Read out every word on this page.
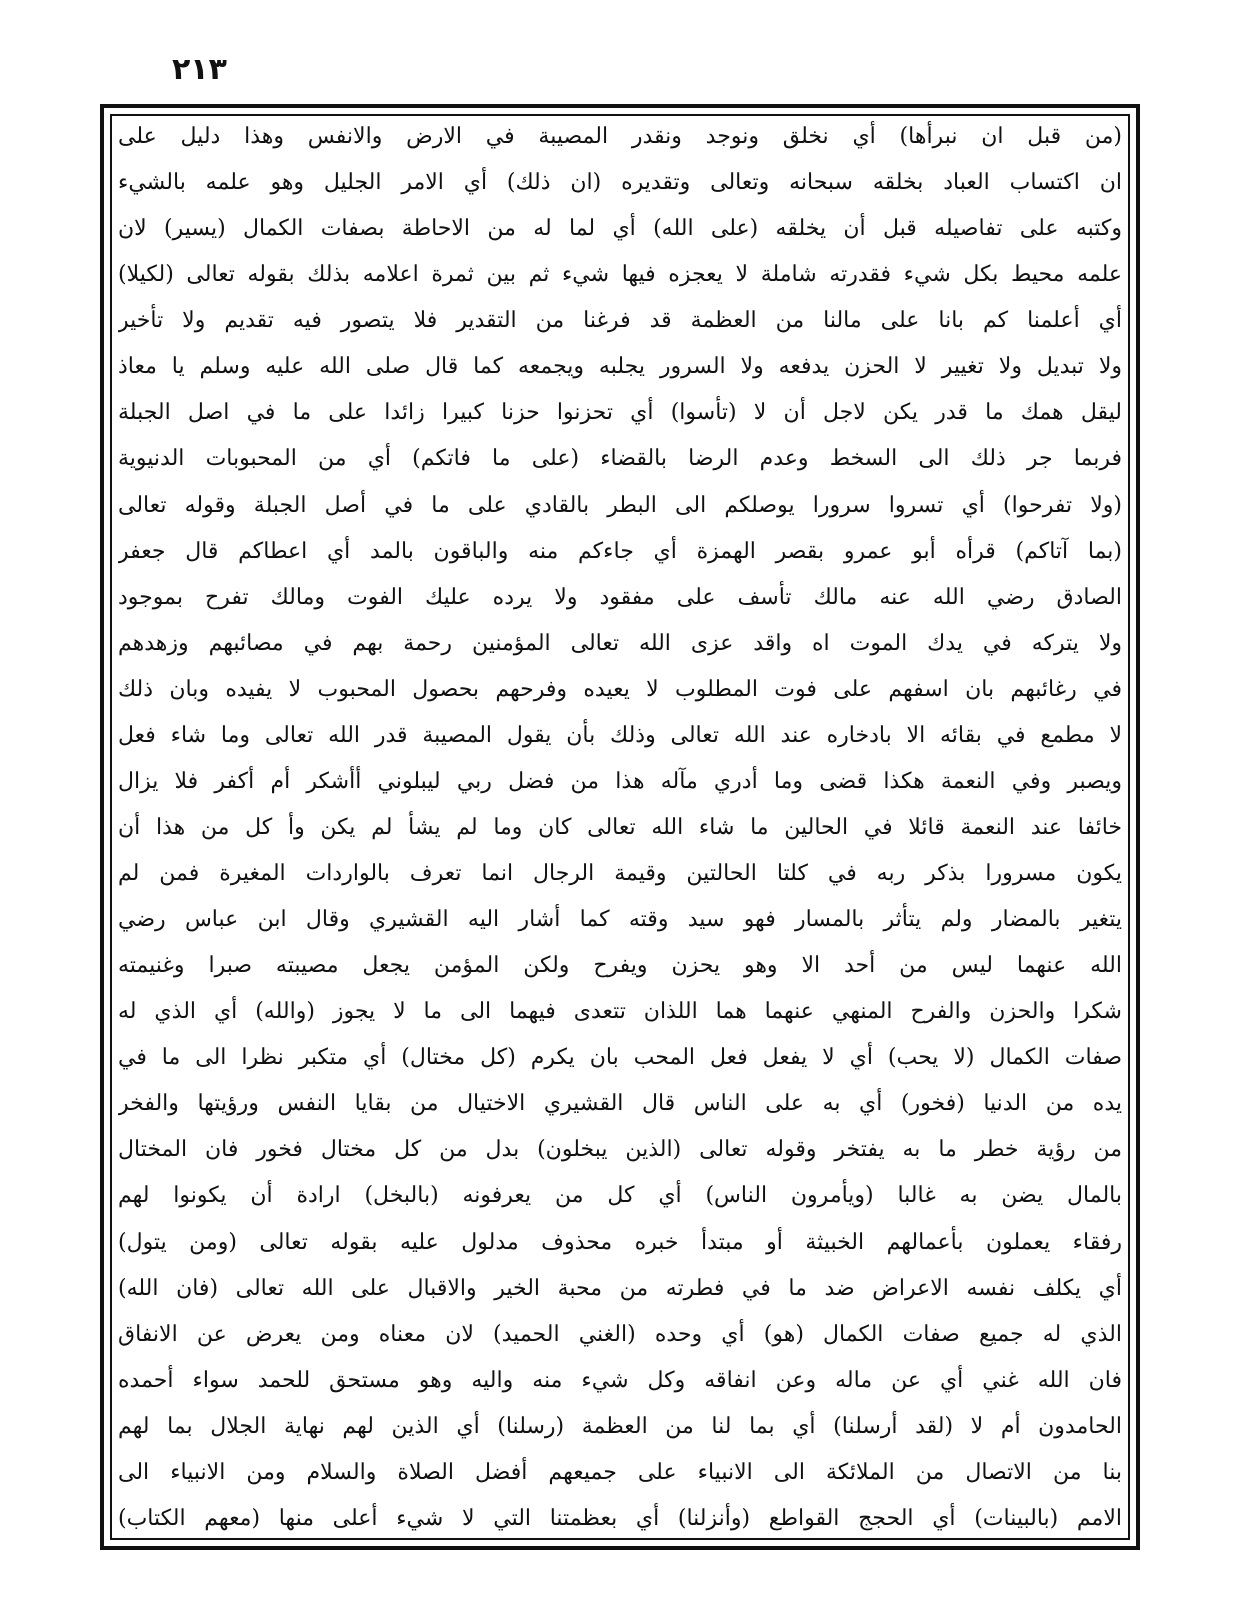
٢١٣
(من قبل ان نبرأها) أي نخلق ونوجد ونقدر المصيبة في الارض والانفس وهذا دليل على
ان اكتساب العباد بخلقه سبحانه وتعالى وتقديره (ان ذلك) أي الامر الجليل وهو علمه بالشيء
وكتبه على تفاصيله قبل أن يخلقه (على الله) أي لما له من الاحاطة بصفات الكمال (يسير) لان
علمه محيط بكل شيء فقدرته شاملة لا يعجزه فيها شيء ثم بين ثمرة اعلامه بذلك بقوله تعالى (لكيلا)
أي أعلمنا كم بانا على مالنا من العظمة قد فرغنا من التقدير فلا يتصور فيه تقديم ولا تأخير
ولا تبديل ولا تغيير لا الحزن يدفعه ولا السرور يجلبه ويجمعه كما قال صلى الله عليه وسلم يا معاذ
ليقل همك ما قدر يكن لاجل أن لا (تأسوا) أي تحزنوا حزنا كبيرا زائدا على ما في اصل الجبلة
فربما جر ذلك الى السخط وعدم الرضا بالقضاء (على ما فاتكم) أي من المحبوبات الدنيوية
(ولا تفرحوا) أي تسروا سرورا يوصلكم الى البطر بالقادي على ما في أصل الجبلة وقوله تعالى
(بما آتاكم) قرأه أبو عمرو بقصر الهمزة أي جاءكم منه والباقون بالمد أي اعطاكم قال جعفر
الصادق رضي الله عنه مالك تأسف على مفقود ولا يرده عليك الفوت ومالك تفرح بموجود
ولا يتركه في يدك الموت اه واقد عزى الله تعالى المؤمنين رحمة بهم في مصائبهم وزهدهم
في رغائبهم بان اسفهم على فوت المطلوب لا يعيده وفرحهم بحصول المحبوب لا يفيده وبان ذلك
لا مطمع في بقائه الا بادخاره عند الله تعالى وذلك بأن يقول المصيبة قدر الله تعالى وما شاء فعل
ويصبر وفي النعمة هكذا قضى وما أدري مآله هذا من فضل ربي ليبلوني أأشكر أم أكفر فلا يزال
خائفا عند النعمة قائلا في الحالين ما شاء الله تعالى كان وما لم يشأ لم يكن وأ كل من هذا أن
يكون مسرورا بذكر ربه في كلتا الحالتين وقيمة الرجال انما تعرف بالواردات المغيرة فمن لم
يتغير بالمضار ولم يتأثر بالمسار فهو سيد وقته كما أشار اليه القشيري وقال ابن عباس رضي
الله عنهما ليس من أحد الا وهو يحزن ويفرح ولكن المؤمن يجعل مصيبته صبرا وغنيمته
شكرا والحزن والفرح المنهي عنهما هما اللذان تتعدى فيهما الى ما لا يجوز (والله) أي الذي له
صفات الكمال (لا يحب) أي لا يفعل فعل المحب بان يكرم (كل مختال) أي متكبر نظرا الى ما في
يده من الدنيا (فخور) أي به على الناس قال القشيري الاختيال من بقايا النفس ورؤيتها والفخر
من رؤية خطر ما به يفتخر وقوله تعالى (الذين يبخلون) بدل من كل مختال فخور فان المختال
بالمال يضن به غالبا (ويأمرون الناس) أي كل من يعرفونه (بالبخل) ارادة أن يكونوا لهم
رفقاء يعملون بأعمالهم الخبيثة أو مبتدأ خبره محذوف مدلول عليه بقوله تعالى (ومن يتول)
أي يكلف نفسه الاعراض ضد ما في فطرته من محبة الخير والاقبال على الله تعالى (فان الله)
الذي له جميع صفات الكمال (هو) أي وحده (الغني الحميد) لان معناه ومن يعرض عن الانفاق
فان الله غني أي عن ماله وعن انفاقه وكل شيء منه واليه وهو مستحق للحمد سواء أحمده
الحامدون أم لا (لقد أرسلنا) أي بما لنا من العظمة (رسلنا) أي الذين لهم نهاية الجلال بما لهم
بنا من الاتصال من الملائكة الى الانبياء على جميعهم أفضل الصلاة والسلام ومن الانبياء الى
الامم (بالبينات) أي الحجج القواطع (وأنزلنا) أي بعظمتنا التي لا شيء أعلى منها (معهم الكتاب)
